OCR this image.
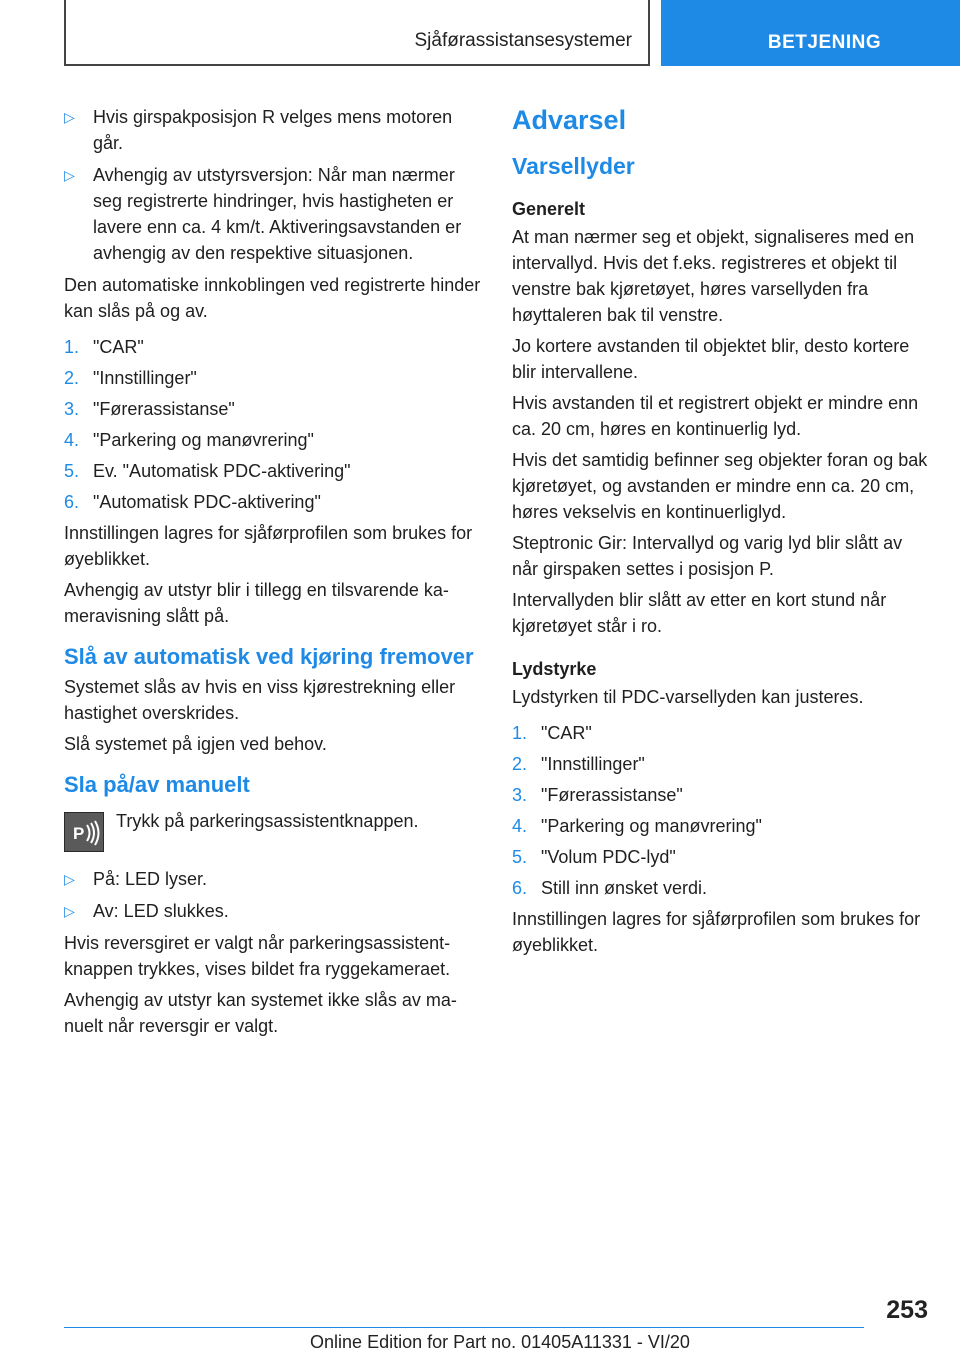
Sjåførassistansesystemer	BETJENING
▷ Hvis girspakposisjon R velges mens motoren går.
▷ Avhengig av utstyrsversjon: Når man nærmer seg registrerte hindringer, hvis hastigheten er lavere enn ca. 4 km/t. Aktiveringsavstanden er avhengig av den respektive situasjonen.

Den automatiske innkoblingen ved registrerte hinder kan slås på og av.

1. "CAR"
2. "Innstillinger"
3. "Førerassistanse"
4. "Parkering og manøvrering"
5. Ev. "Automatisk PDC-aktivering"
6. "Automatisk PDC-aktivering"

Innstillingen lagres for sjåførprofilen som brukes for øyeblikket.

Avhengig av utstyr blir i tillegg en tilsvarende kameravisning slått på.

Slå av automatisk ved kjøring fremover

Systemet slås av hvis en viss kjørestrekning eller hastighet overskrides.

Slå systemet på igjen ved behov.

Sla på/av manuelt
P

Trykk på parkeringsassistentknappen.

▷ På: LED lyser.
▷ Av: LED slukkes.

Hvis reversgiret er valgt når parkeringsassistentknappen trykkes, vises bildet fra ryggekameraet.

Avhengig av utstyr kan systemet ikke slås av manuelt når reversgir er valgt.

Advarsel
Varsellyder
Generelt

At man nærmer seg et objekt, signaliseres med en intervallyd. Hvis det f.eks. registreres et objekt til venstre bak kjøretøyet, høres varsellyden fra høyttaleren bak til venstre.

Jo kortere avstanden til objektet blir, desto kortere blir intervallene.

Hvis avstanden til et registrert objekt er mindre enn ca. 20 cm, høres en kontinuerlig lyd.

Hvis det samtidig befinner seg objekter foran og bak kjøretøyet, og avstanden er mindre enn ca. 20 cm, høres vekselvis en kontinuerliglyd.

Steptronic Gir: Intervallyd og varig lyd blir slått av når girspaken settes i posisjon P.

Intervallyden blir slått av etter en kort stund når kjøretøyet står i ro.

Lydstyrke

Lydstyrken til PDC-varsellyden kan justeres.

1. "CAR"
2. "Innstillinger"
3. "Førerassistanse"
4. "Parkering og manøvrering"
5. "Volum PDC-lyd"
6. Still inn ønsket verdi.

Innstillingen lagres for sjåførprofilen som brukes for øyeblikket.

253
Online Edition for Part no. 01405A11331 - VI/20
